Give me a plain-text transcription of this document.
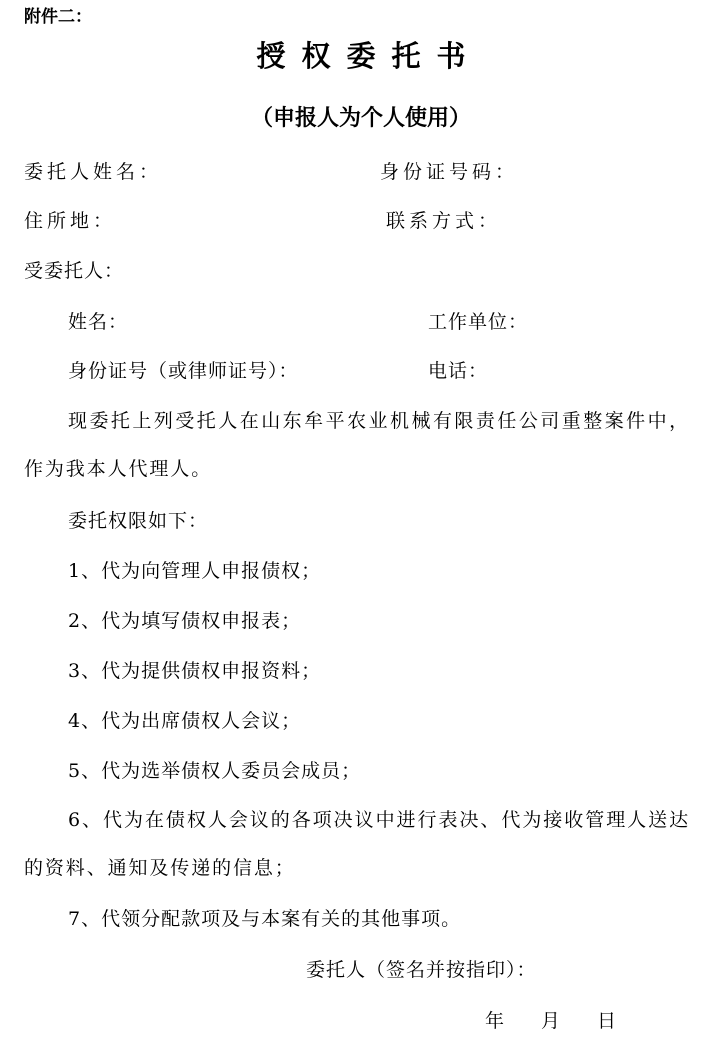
附件二：
授权委托书
（申报人为个人使用）
委托人姓名：	身份证号码：
住所地：	联系方式：
受委托人：
姓名：	工作单位：
身份证号（或律师证号）：	电话：
现委托上列受托人在山东牟平农业机械有限责任公司重整案件中，作为我本人代理人。
委托权限如下：
1、代为向管理人申报债权；
2、代为填写债权申报表；
3、代为提供债权申报资料；
4、代为出席债权人会议；
5、代为选举债权人委员会成员；
6、代为在债权人会议的各项决议中进行表决、代为接收管理人送达的资料、通知及传递的信息；
7、代领分配款项及与本案有关的其他事项。
委托人（签名并按指印）：
年 月 日
